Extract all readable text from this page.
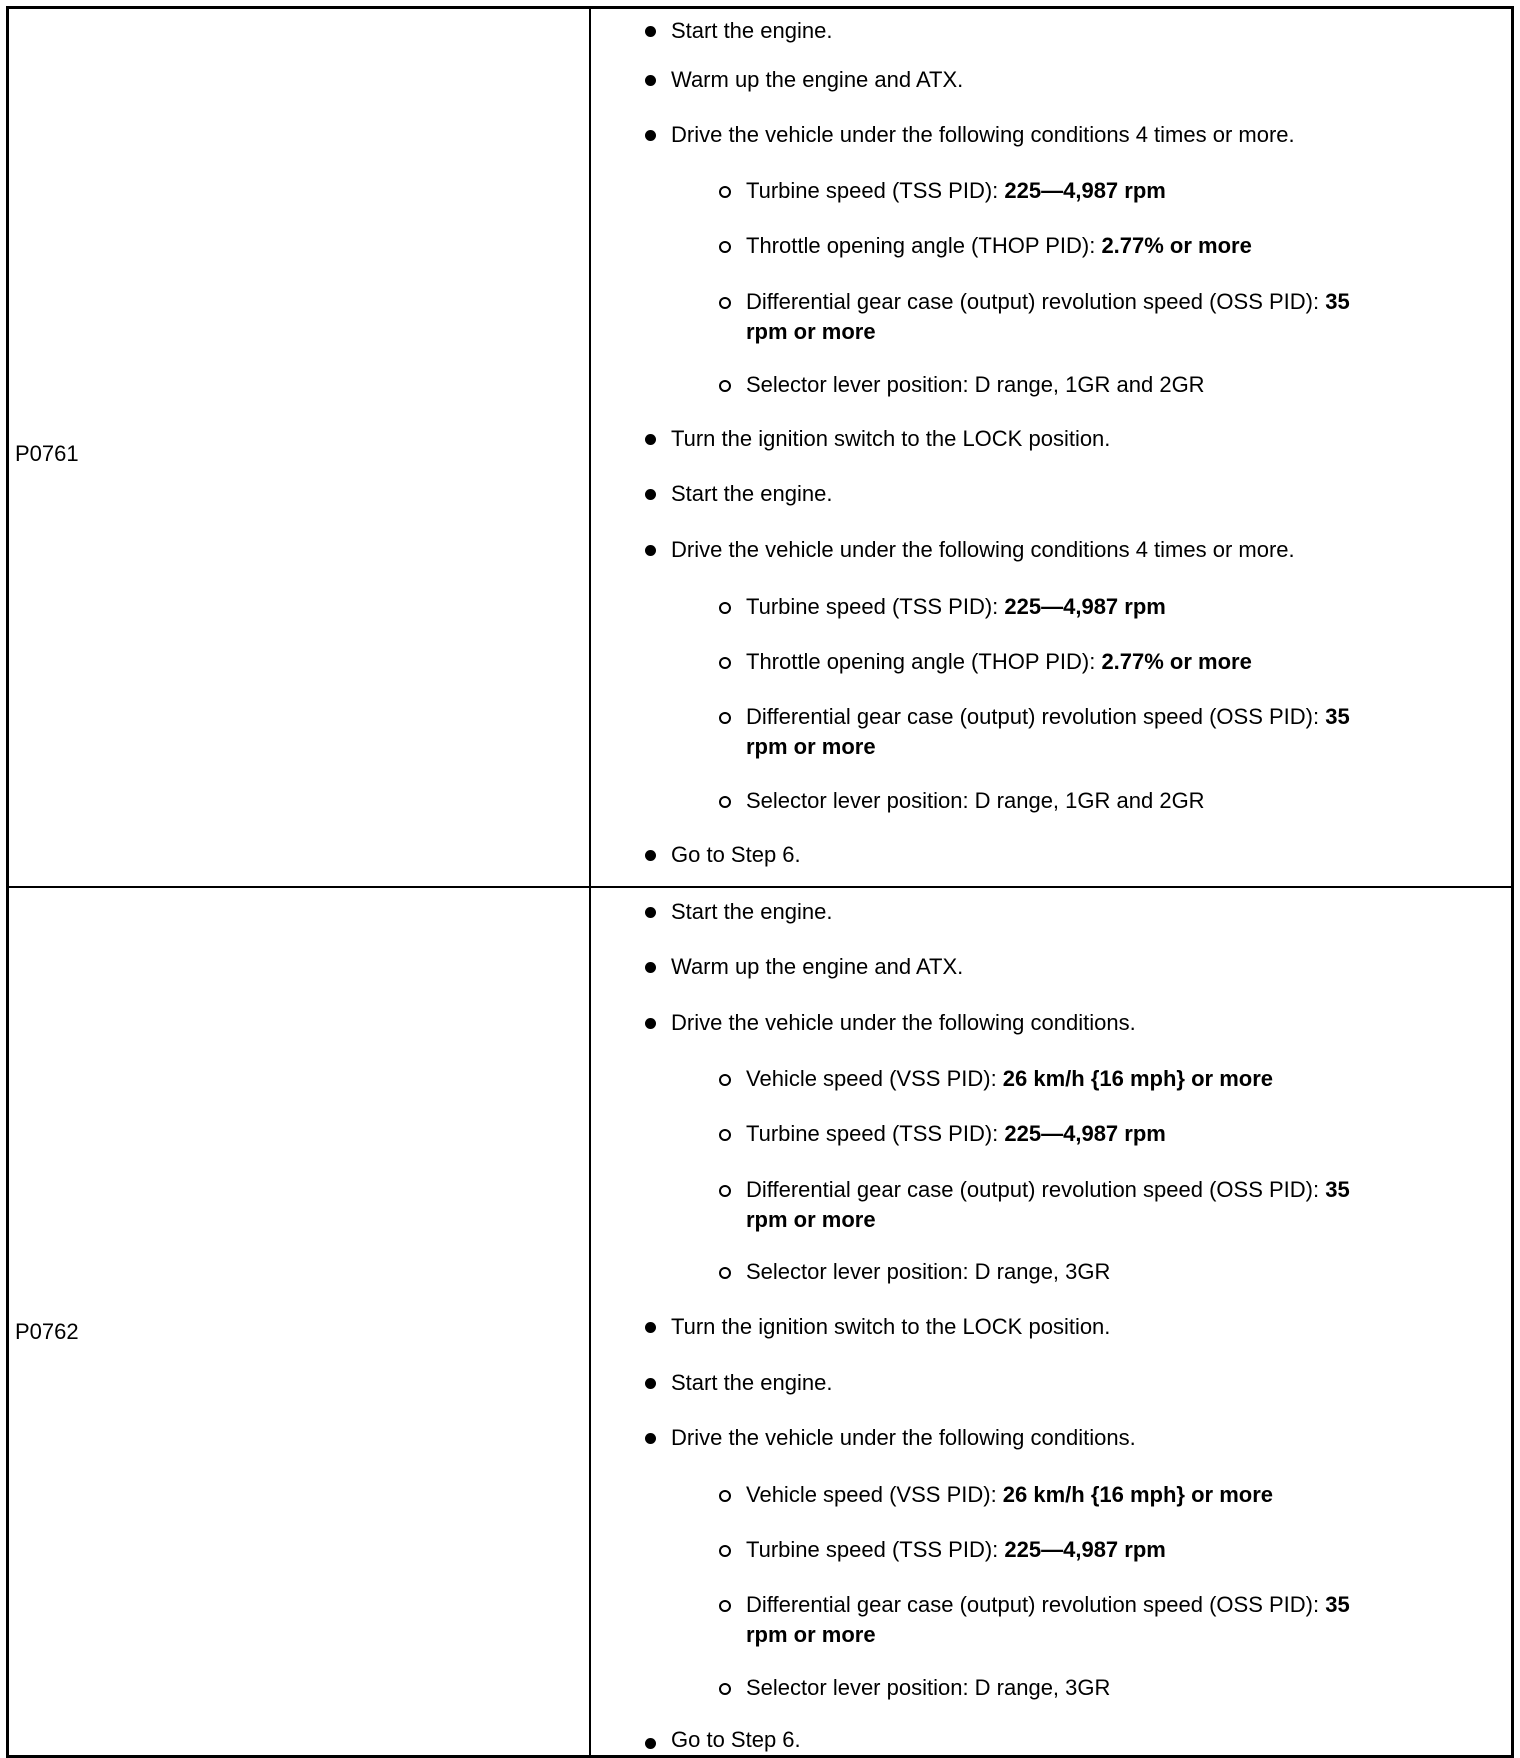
P0761
Start the engine.
Warm up the engine and ATX.
Drive the vehicle under the following conditions 4 times or more.
Turbine speed (TSS PID): 225—4,987 rpm
Throttle opening angle (THOP PID): 2.77% or more
Differential gear case (output) revolution speed (OSS PID): 35
rpm or more
Selector lever position: D range, 1GR and 2GR
Turn the ignition switch to the LOCK position.
Start the engine.
Drive the vehicle under the following conditions 4 times or more.
Turbine speed (TSS PID): 225—4,987 rpm
Throttle opening angle (THOP PID): 2.77% or more
Differential gear case (output) revolution speed (OSS PID): 35
rpm or more
Selector lever position: D range, 1GR and 2GR
Go to Step 6.
P0762
Start the engine.
Warm up the engine and ATX.
Drive the vehicle under the following conditions.
Vehicle speed (VSS PID): 26 km/h {16 mph} or more
Turbine speed (TSS PID): 225—4,987 rpm
Differential gear case (output) revolution speed (OSS PID): 35
rpm or more
Selector lever position: D range, 3GR
Turn the ignition switch to the LOCK position.
Start the engine.
Drive the vehicle under the following conditions.
Vehicle speed (VSS PID): 26 km/h {16 mph} or more
Turbine speed (TSS PID): 225—4,987 rpm
Differential gear case (output) revolution speed (OSS PID): 35
rpm or more
Selector lever position: D range, 3GR
Go to Step 6.
